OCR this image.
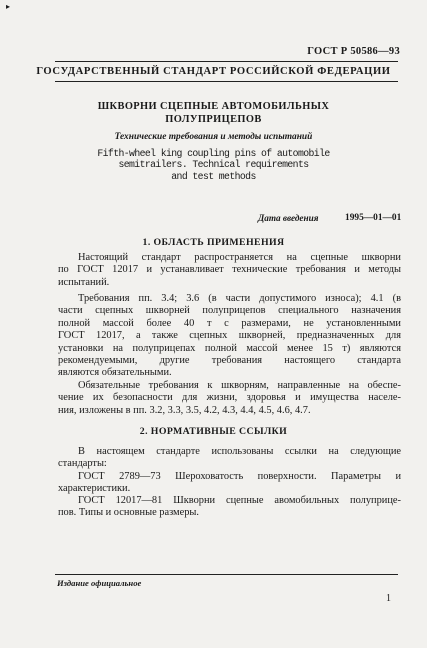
▸
ГОСТ Р 50586—93
ГОСУДАРСТВЕННЫЙ СТАНДАРТ РОССИЙСКОЙ ФЕДЕРАЦИИ
ШКВОРНИ СЦЕПНЫЕ АВТОМОБИЛЬНЫХ
ПОЛУПРИЦЕПОВ
Технические требования и методы испытаний
Fifth-wheel king coupling pins of automobile
semitrailers. Technical requirements
and test methods
Дата введения	1995—01—01
1. ОБЛАСТЬ ПРИМЕНЕНИЯ

Настоящий стандарт распространяется на сцепные шкворни

по ГОСТ 12017 и устанавливает технические требования и методы

испытаний.

Требования пп. 3.4; 3.6 (в части допустимого износа); 4.1 (в

части сцепных шкворней полуприцепов специального назначения

полной массой более 40 т с размерами, не установленными

ГОСТ 12017, а также сцепных шкворней, предназначенных для

установки на полуприцепах полной массой менее 15 т) являются

рекомендуемыми, другие требования настоящего стандарта

являются обязательными.

Обязательные требования к шкворням, направленные на обеспе-

чение их безопасности для жизни, здоровья и имущества населе-

ния, изложены в пп. 3.2, 3.3, 3.5, 4.2, 4.3, 4.4, 4.5, 4.6, 4.7.

2. НОРМАТИВНЫЕ ССЫЛКИ

В настоящем стандарте использованы ссылки на следующие

стандарты:

ГОСТ 2789—73 Шероховатость поверхности. Параметры и

характеристики.

ГОСТ 12017—81 Шкворни сцепные авомобильных полуприце-

пов. Типы и основные размеры.

Издание официальное
1
